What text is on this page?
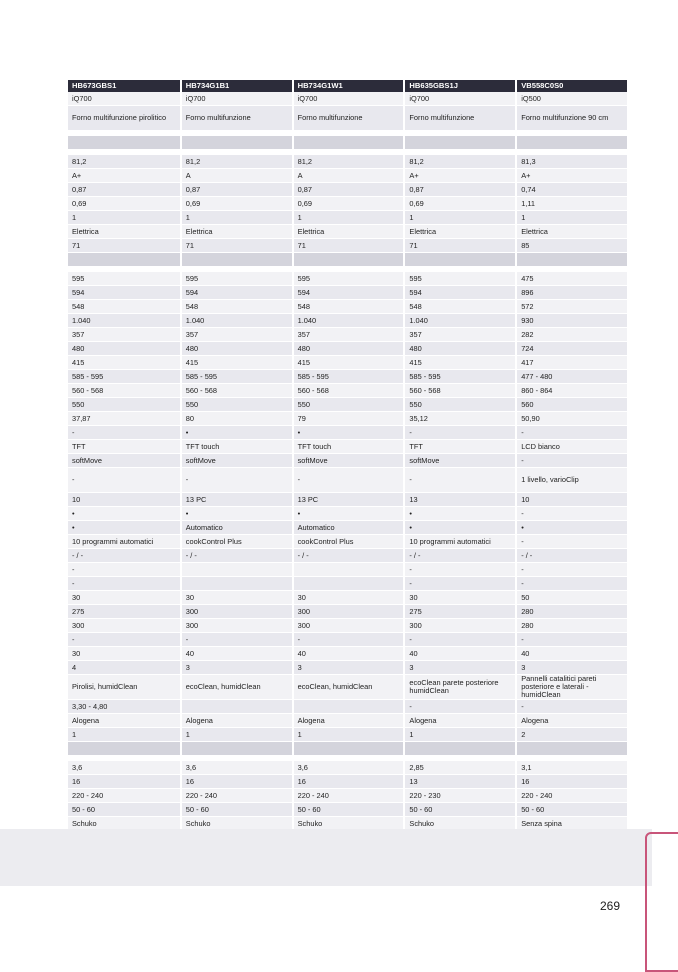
HB673GBS1	HB734G1B1	HB734G1W1	HB635GBS1J	VB558C0S0
iQ700	iQ700	iQ700	iQ700	iQ500
Forno multifunzione pirolitico	Forno multifunzione	Forno multifunzione	Forno multifunzione	Forno multifunzione 90 cm

81,2	81,2	81,2	81,2	81,3
A+	A	A	A+	A+
0,87	0,87	0,87	0,87	0,74
0,69	0,69	0,69	0,69	1,11
1	1	1	1	1
Elettrica	Elettrica	Elettrica	Elettrica	Elettrica
71	71	71	71	85

595	595	595	595	475
594	594	594	594	896
548	548	548	548	572
1.040	1.040	1.040	1.040	930
357	357	357	357	282
480	480	480	480	724
415	415	415	415	417
585 - 595	585 - 595	585 - 595	585 - 595	477 - 480
560 - 568	560 - 568	560 - 568	560 - 568	860 - 864
550	550	550	550	560
37,87	80	79	35,12	50,90
-	•	•	-	-
TFT	TFT touch	TFT touch	TFT	LCD bianco
softMove	softMove	softMove	softMove	-
-	-	-	-	1 livello, varioClip
10	13 PC	13 PC	13	10
•	•	•	•	-
•	Automatico	Automatico	•	•
10 programmi automatici	cookControl Plus	cookControl Plus	10 programmi automatici	-
- / -	- / -	- / -	- / -	- / -
-			-	-
-			-	-
30	30	30	30	50
275	300	300	275	280
300	300	300	300	280
-	-	-	-	-
30	40	40	40	40
4	3	3	3	3
Pirolisi, humidClean	ecoClean, humidClean	ecoClean, humidClean	ecoClean parete posteriore humidClean	Pannelli catalitici pareti posteriore e laterali - humidClean
3,30 - 4,80			-	-
Alogena	Alogena	Alogena	Alogena	Alogena
1	1	1	1	2

3,6	3,6	3,6	2,85	3,1
16	16	16	13	16
220 - 240	220 - 240	220 - 240	220 - 230	220 - 240
50 - 60	50 - 60	50 - 60	50 - 60	50 - 60
Schuko	Schuko	Schuko	Schuko	Senza spina

269
